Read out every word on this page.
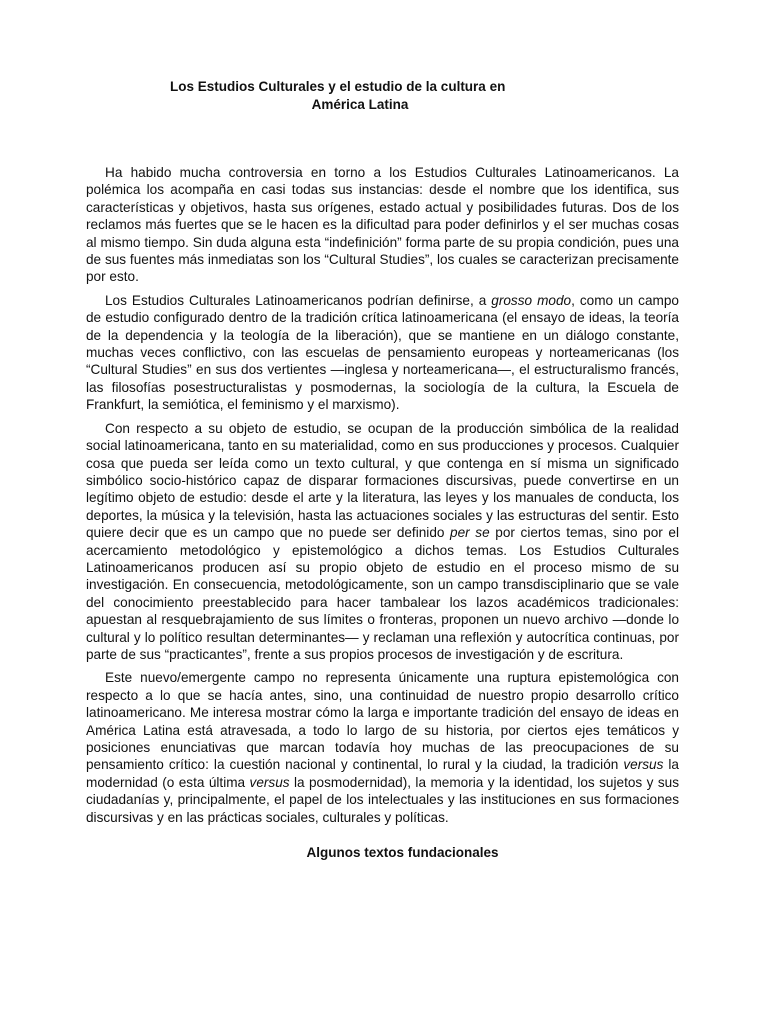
Los Estudios Culturales y el estudio de la cultura en
América Latina

Ha habido mucha controversia en torno a los Estudios Culturales Latinoamericanos. La polémica los acompaña en casi todas sus instancias: desde el nombre que los identifica, sus características y objetivos, hasta sus orígenes, estado actual y posibilidades futuras. Dos de los reclamos más fuertes que se le hacen es la dificultad para poder definirlos y el ser muchas cosas al mismo tiempo. Sin duda alguna esta “indefinición” forma parte de su propia condición, pues una de sus fuentes más inmediatas son los “Cultural Studies”, los cuales se caracterizan precisamente por esto.

Los Estudios Culturales Latinoamericanos podrían definirse, a grosso modo, como un campo de estudio configurado dentro de la tradición crítica latinoamericana (el ensayo de ideas, la teoría de la dependencia y la teología de la liberación), que se mantiene en un diálogo constante, muchas veces conflictivo, con las escuelas de pensamiento europeas y norteamericanas (los “Cultural Studies” en sus dos vertientes —inglesa y norteamericana—, el estructuralismo francés, las filosofías posestructuralistas y posmodernas, la sociología de la cultura, la Escuela de Frankfurt, la semiótica, el feminismo y el marxismo).

Con respecto a su objeto de estudio, se ocupan de la producción simbólica de la realidad social latinoamericana, tanto en su materialidad, como en sus producciones y procesos. Cualquier cosa que pueda ser leída como un texto cultural, y que contenga en sí misma un significado simbólico socio-histórico capaz de disparar formaciones discursivas, puede convertirse en un legítimo objeto de estudio: desde el arte y la literatura, las leyes y los manuales de conducta, los deportes, la música y la televisión, hasta las actuaciones sociales y las estructuras del sentir. Esto quiere decir que es un campo que no puede ser definido per se por ciertos temas, sino por el acercamiento metodológico y epistemológico a dichos temas. Los Estudios Culturales Latinoamericanos producen así su propio objeto de estudio en el proceso mismo de su investigación. En consecuencia, metodológicamente, son un campo transdisciplinario que se vale del conocimiento preestablecido para hacer tambalear los lazos académicos tradicionales: apuestan al resquebrajamiento de sus límites o fronteras, proponen un nuevo archivo —donde lo cultural y lo político resultan determinantes— y reclaman una reflexión y autocrítica continuas, por parte de sus “practicantes”, frente a sus propios procesos de investigación y de escritura.

Este nuevo/emergente campo no representa únicamente una ruptura epistemológica con respecto a lo que se hacía antes, sino, una continuidad de nuestro propio desarrollo crítico latinoamericano. Me interesa mostrar cómo la larga e importante tradición del ensayo de ideas en América Latina está atravesada, a todo lo largo de su historia, por ciertos ejes temáticos y posiciones enunciativas que marcan todavía hoy muchas de las preocupaciones de su pensamiento crítico: la cuestión nacional y continental, lo rural y la ciudad, la tradición versus la modernidad (o esta última versus la posmodernidad), la memoria y la identidad, los sujetos y sus ciudadanías y, principalmente, el papel de los intelectuales y las instituciones en sus formaciones discursivas y en las prácticas sociales, culturales y políticas.

Algunos textos fundacionales
